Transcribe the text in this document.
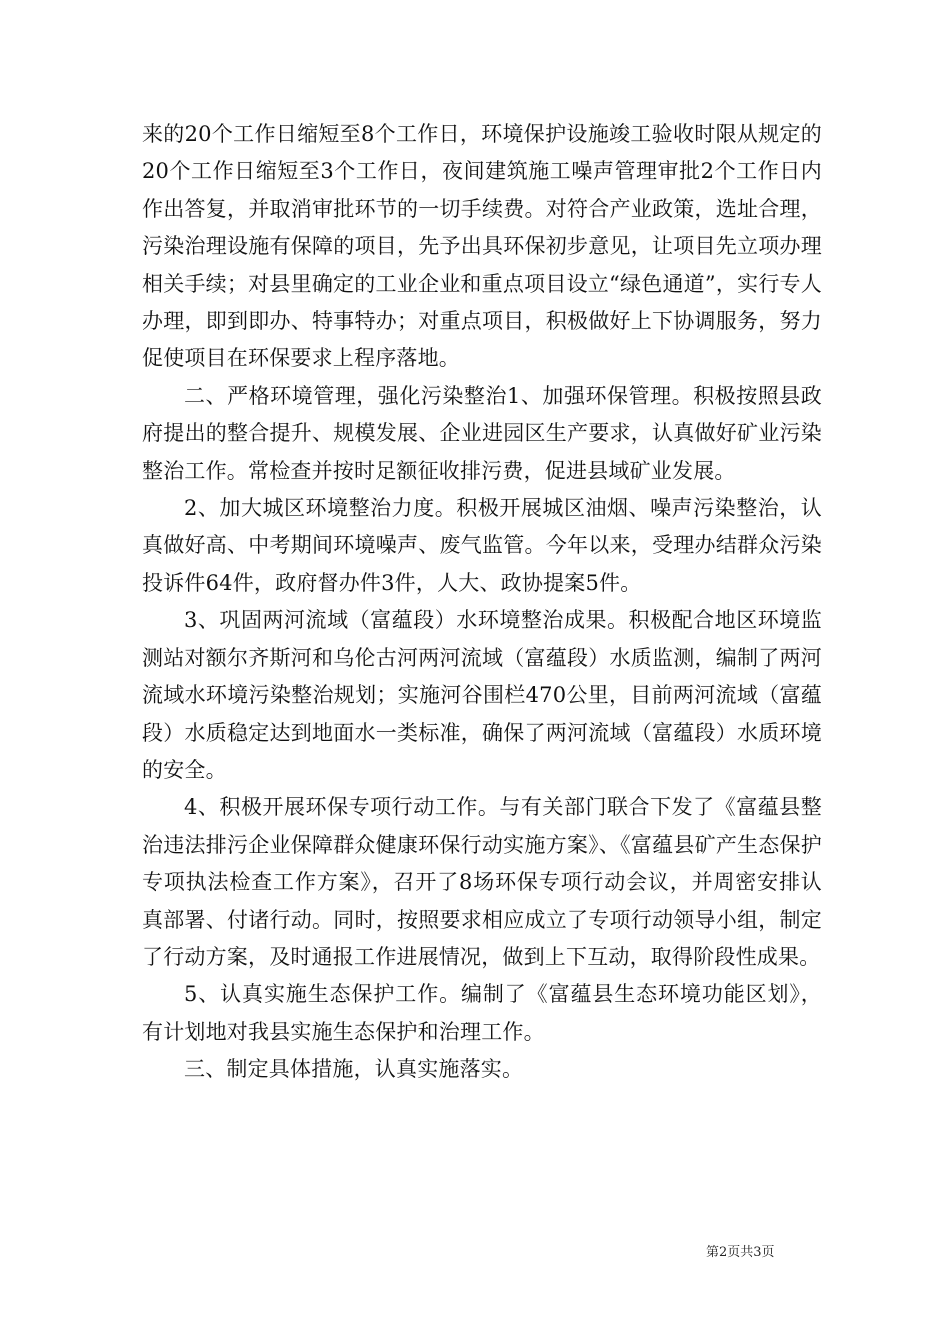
来的20个工作日缩短至8个工作日，环境保护设施竣工验收时限从规定的20个工作日缩短至3个工作日，夜间建筑施工噪声管理审批2个工作日内作出答复，并取消审批环节的一切手续费。对符合产业政策，选址合理，污染治理设施有保障的项目，先予出具环保初步意见，让项目先立项办理相关手续；对县里确定的工业企业和重点项目设立“绿色通道”，实行专人办理，即到即办、特事特办；对重点项目，积极做好上下协调服务，努力促使项目在环保要求上程序落地。

二、严格环境管理，强化污染整治1、加强环保管理。积极按照县政府提出的整合提升、规模发展、企业进园区生产要求，认真做好矿业污染整治工作。常检查并按时足额征收排污费，促进县域矿业发展。

2、加大城区环境整治力度。积极开展城区油烟、噪声污染整治，认真做好高、中考期间环境噪声、废气监管。今年以来，受理办结群众污染投诉件64件，政府督办件3件，人大、政协提案5件。

3、巩固两河流域（富蕴段）水环境整治成果。积极配合地区环境监测站对额尔齐斯河和乌伦古河两河流域（富蕴段）水质监测，编制了两河流域水环境污染整治规划；实施河谷围栏470公里，目前两河流域（富蕴段）水质稳定达到地面水一类标准，确保了两河流域（富蕴段）水质环境的安全。

4、积极开展环保专项行动工作。与有关部门联合下发了《富蕴县整治违法排污企业保障群众健康环保行动实施方案》、《富蕴县矿产生态保护专项执法检查工作方案》，召开了8场环保专项行动会议，并周密安排认真部署、付诸行动。同时，按照要求相应成立了专项行动领导小组，制定了行动方案，及时通报工作进展情况，做到上下互动，取得阶段性成果。

5、认真实施生态保护工作。编制了《富蕴县生态环境功能区划》，有计划地对我县实施生态保护和治理工作。

三、制定具体措施，认真实施落实。

第2页共3页
